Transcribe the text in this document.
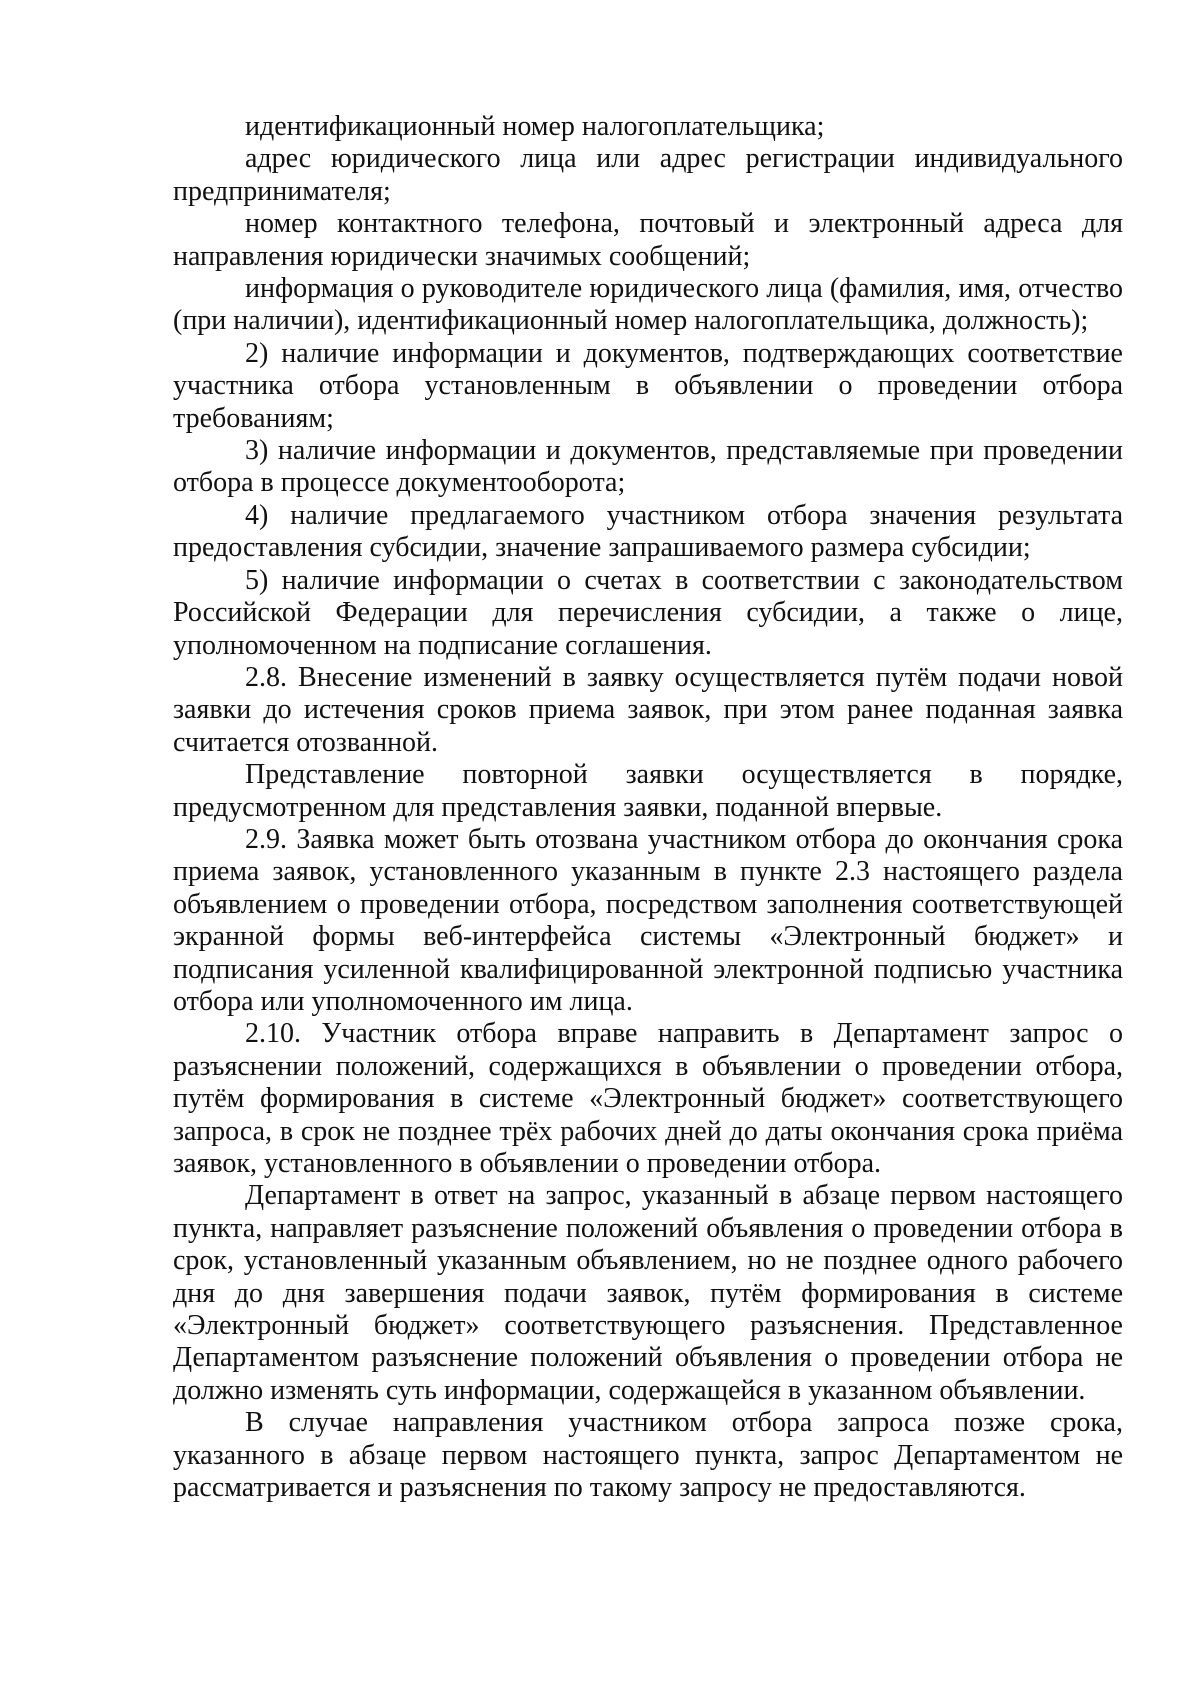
идентификационный номер налогоплательщика;

адрес юридического лица или адрес регистрации индивидуального предпринимателя;

номер контактного телефона, почтовый и электронный адреса для направления юридически значимых сообщений;

информация о руководителе юридического лица (фамилия, имя, отчество (при наличии), идентификационный номер налогоплательщика, должность);

2) наличие информации и документов, подтверждающих соответствие участника отбора установленным в объявлении о проведении отбора требованиям;

3) наличие информации и документов, представляемые при проведении отбора в процессе документооборота;

4) наличие предлагаемого участником отбора значения результата предоставления субсидии, значение запрашиваемого размера субсидии;

5) наличие информации о счетах в соответствии с законодательством Российской Федерации для перечисления субсидии, а также о лице, уполномоченном на подписание соглашения.

2.8. Внесение изменений в заявку осуществляется путём подачи новой заявки до истечения сроков приема заявок, при этом ранее поданная заявка считается отозванной.

Представление повторной заявки осуществляется в порядке, предусмотренном для представления заявки, поданной впервые.

2.9. Заявка может быть отозвана участником отбора до окончания срока приема заявок, установленного указанным в пункте 2.3 настоящего раздела объявлением о проведении отбора, посредством заполнения соответствующей экранной формы веб-интерфейса системы «Электронный бюджет» и подписания усиленной квалифицированной электронной подписью участника отбора или уполномоченного им лица.

2.10. Участник отбора вправе направить в Департамент запрос о разъяснении положений, содержащихся в объявлении о проведении отбора, путём формирования в системе «Электронный бюджет» соответствующего запроса, в срок не позднее трёх рабочих дней до даты окончания срока приёма заявок, установленного в объявлении о проведении отбора.

Департамент в ответ на запрос, указанный в абзаце первом настоящего пункта, направляет разъяснение положений объявления о проведении отбора в срок, установленный указанным объявлением, но не позднее одного рабочего дня до дня завершения подачи заявок, путём формирования в системе «Электронный бюджет» соответствующего разъяснения. Представленное Департаментом разъяснение положений объявления о проведении отбора не должно изменять суть информации, содержащейся в указанном объявлении.

В случае направления участником отбора запроса позже срока, указанного в абзаце первом настоящего пункта, запрос Департаментом не рассматривается и разъяснения по такому запросу не предоставляются.
